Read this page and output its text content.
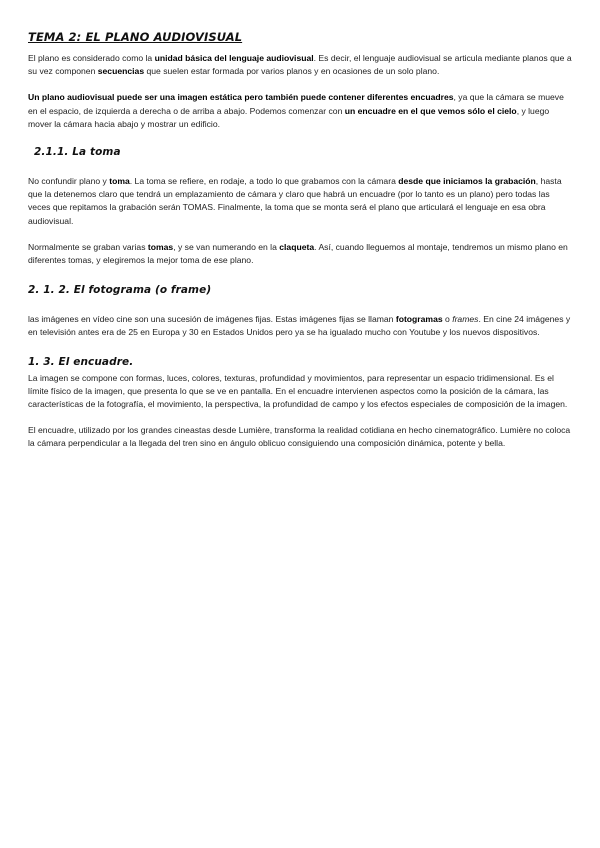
TEMA 2: EL PLANO AUDIOVISUAL

El plano es considerado como la unidad básica del lenguaje audiovisual. Es decir, el lenguaje audiovisual se articula mediante planos que a su vez componen secuencias que suelen estar formada por varios planos y en ocasiones de un solo plano.

Un plano audiovisual puede ser una imagen estática pero también puede contener diferentes encuadres, ya que la cámara se mueve en el espacio, de izquierda a derecha o de arriba a abajo. Podemos comenzar con un encuadre en el que vemos sólo el cielo, y luego mover la cámara hacia abajo y mostrar un edificio.

2.1.1. La toma

No confundir plano y toma. La toma se refiere, en rodaje, a todo lo que grabamos con la cámara desde que iniciamos la grabación, hasta que la detenemos claro que tendrá un emplazamiento de cámara y claro que habrá un encuadre (por lo tanto es un plano) pero todas las veces que repitamos la grabación serán TOMAS. Finalmente, la toma que se monta será el plano que articulará el lenguaje en esa obra audiovisual.

Normalmente se graban varias tomas, y se van numerando en la claqueta. Así, cuando lleguemos al montaje, tendremos un mismo plano en diferentes tomas, y elegiremos la mejor toma de ese plano.

2. 1. 2. El fotograma (o frame)

las imágenes en vídeo cine son una sucesión de imágenes fijas. Estas imágenes fijas se llaman fotogramas o frames. En cine 24 imágenes y en televisión antes era de 25 en Europa y 30 en Estados Unidos pero ya se ha igualado mucho con Youtube y los nuevos dispositivos.

1. 3. El encuadre.

La imagen se compone con formas, luces, colores, texturas, profundidad y movimientos, para representar un espacio tridimensional. Es el límite físico de la imagen, que presenta lo que se ve en pantalla. En el encuadre intervienen aspectos como la posición de la cámara, las características de la fotografía, el movimiento, la perspectiva, la profundidad de campo y los efectos especiales de composición de la imagen.

El encuadre, utilizado por los grandes cineastas desde Lumière, transforma la realidad cotidiana en hecho cinematográfico. Lumière no coloca la cámara perpendicular a la llegada del tren sino en ángulo oblicuo consiguiendo una composición dinámica, potente y bella.
